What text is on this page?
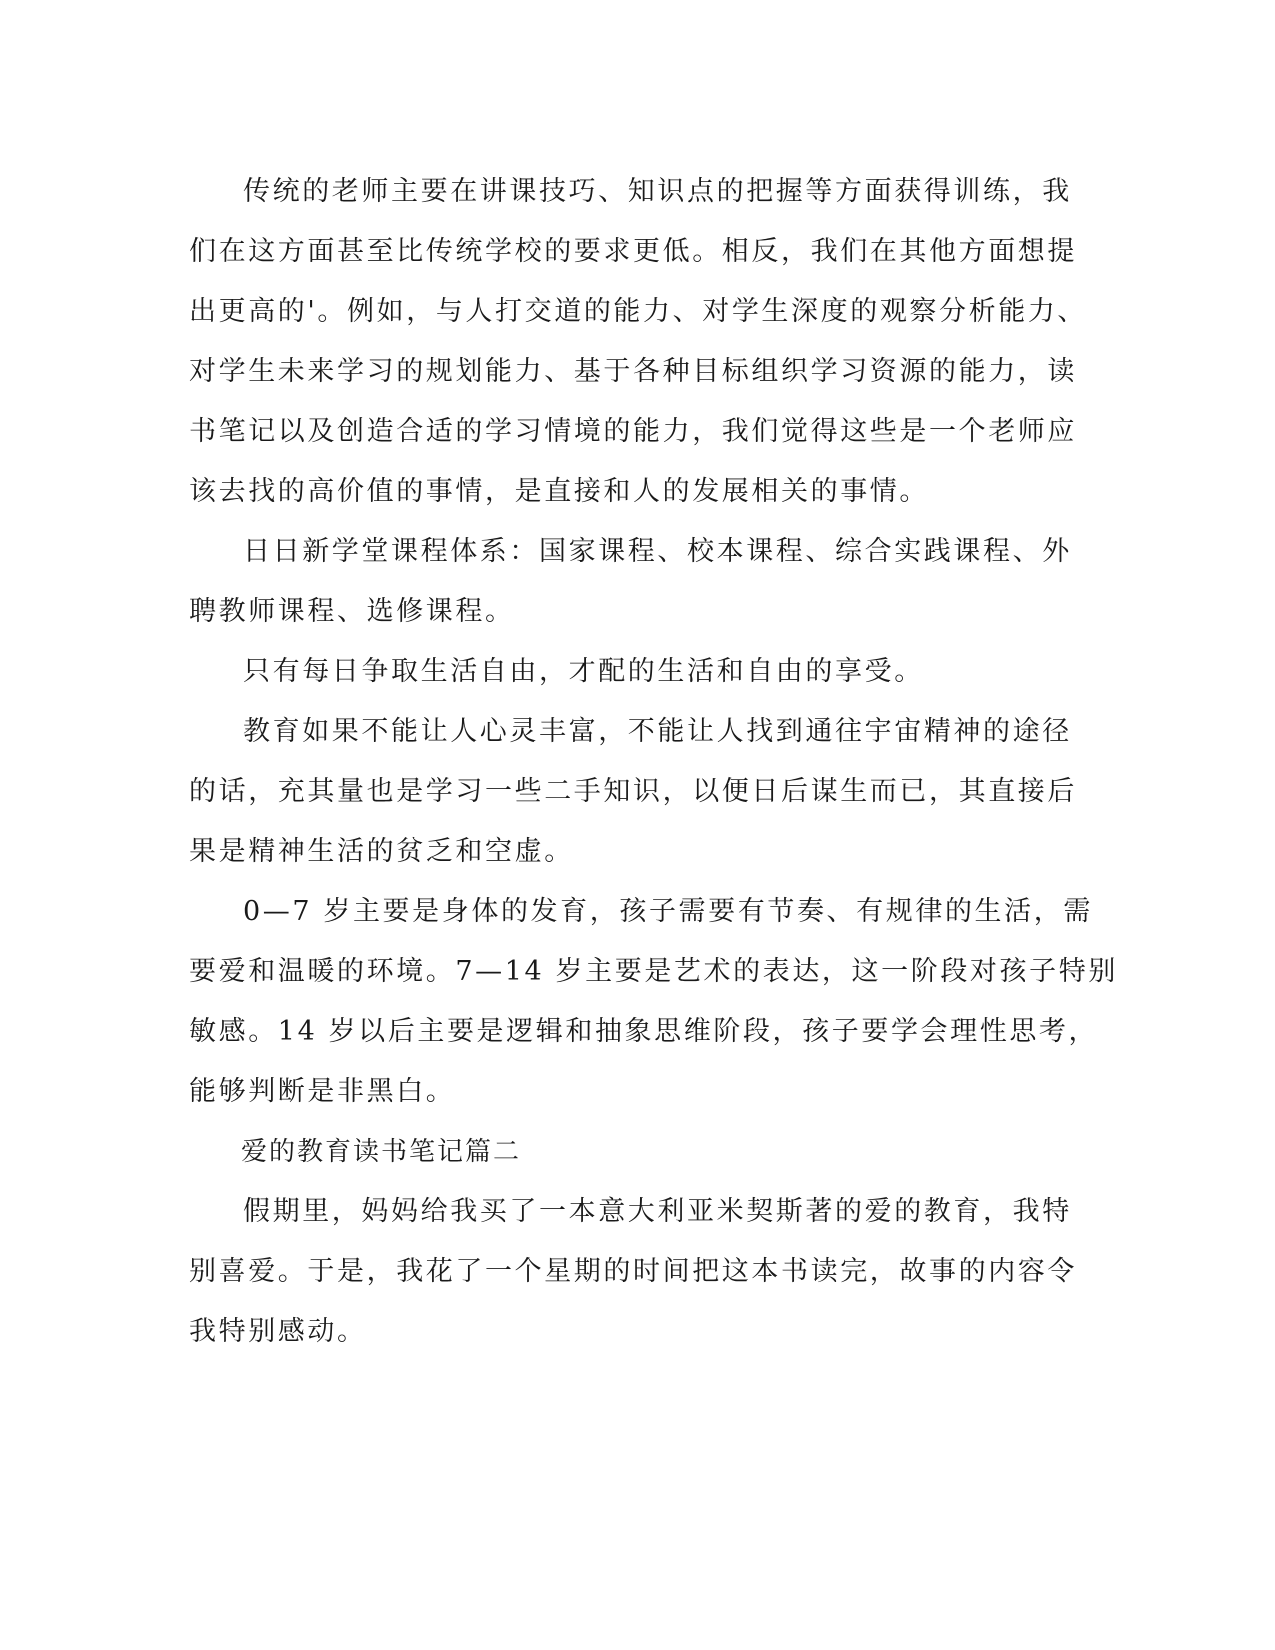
传统的老师主要在讲课技巧、知识点的把握等方面获得训练，我
们在这方面甚至比传统学校的要求更低。相反，我们在其他方面想提
出更高的'。例如，与人打交道的能力、对学生深度的观察分析能力、
对学生未来学习的规划能力、基于各种目标组织学习资源的能力，读
书笔记以及创造合适的学习情境的能力，我们觉得这些是一个老师应
该去找的高价值的事情，是直接和人的发展相关的事情。

日日新学堂课程体系：国家课程、校本课程、综合实践课程、外
聘教师课程、选修课程。

只有每日争取生活自由，才配的生活和自由的享受。

教育如果不能让人心灵丰富，不能让人找到通往宇宙精神的途径
的话，充其量也是学习一些二手知识，以便日后谋生而已，其直接后
果是精神生活的贫乏和空虚。

0—7 岁主要是身体的发育，孩子需要有节奏、有规律的生活，需
要爱和温暖的环境。7—14 岁主要是艺术的表达，这一阶段对孩子特别
敏感。14 岁以后主要是逻辑和抽象思维阶段，孩子要学会理性思考，
能够判断是非黑白。

爱的教育读书笔记篇二

假期里，妈妈给我买了一本意大利亚米契斯著的爱的教育，我特
别喜爱。于是，我花了一个星期的时间把这本书读完，故事的内容令
我特别感动。
